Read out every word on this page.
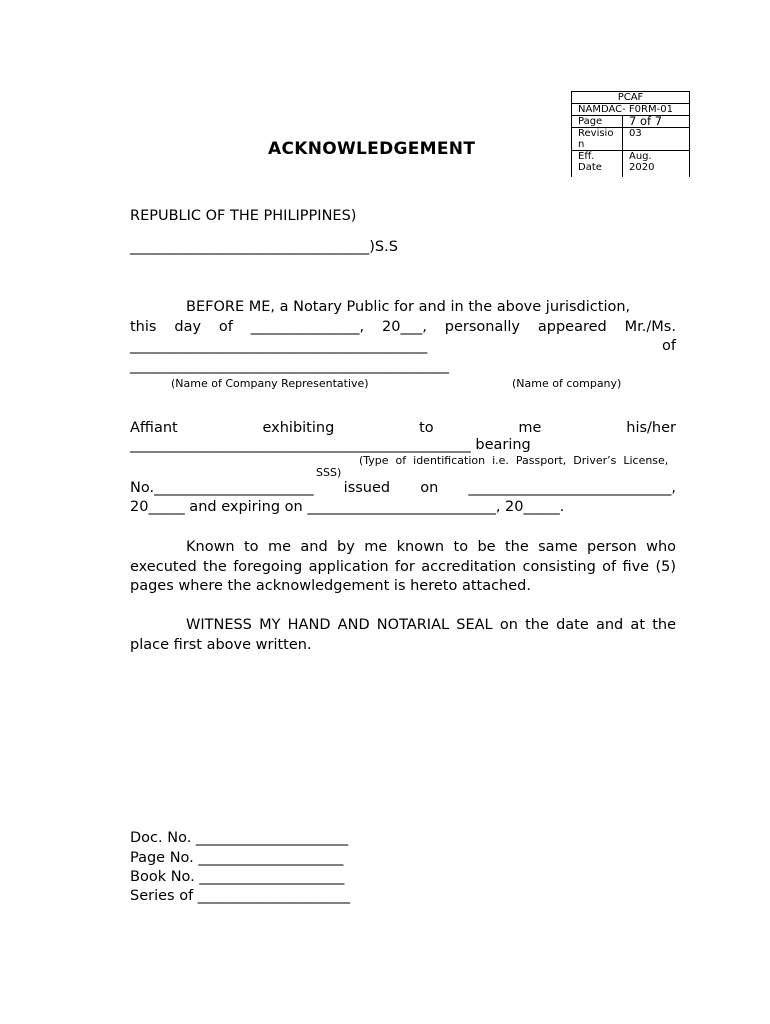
PCAF	
NAMDAC- F0RM-01	
Page	7 of 7
Revisio
n	03
Eff.
Date	Aug.
2020
ACKNOWLEDGEMENT
REPUBLIC OF THE PHILIPPINES)
_________________________________)S.S
BEFORE ME, a Notary Public for and in the above jurisdiction,
this day of _______________, 20___, personally appeared Mr./Ms.
_________________________________________	of
____________________________________________
(Name of Company Representative)	(Name of company)
Affiant	exhibiting	to	me	his/her
_______________________________________________ bearing
(Type  of  identification  i.e.  Passport,  Driver’s  License,
SSS)
No.______________________ issued on ____________________________,
20_____ and expiring on __________________________, 20_____.
Known to me and by me known to be the same person who executed the foregoing application for accreditation consisting of five (5) pages where the acknowledgement is hereto attached.
WITNESS MY HAND AND NOTARIAL SEAL on the date and at the place first above written.
Doc. No. _____________________
Page No. ____________________
Book No. ____________________
Series of _____________________
